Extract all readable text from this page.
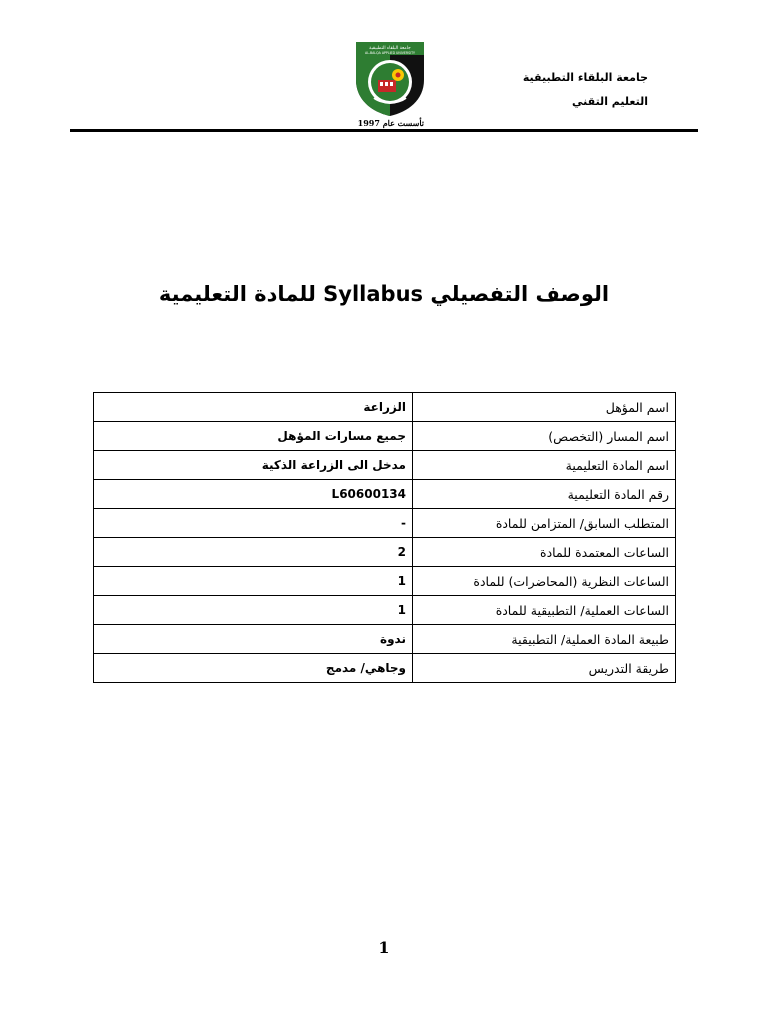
جامعة البلقاء التطبيقية
التعليم التقني
جامعة البلقاء التطبيقية
AL-BALQA APPLIED UNIVERSITY
تأسست عام 1997
الوصف التفصيلي Syllabus للمادة التعليمية
اسم المؤهل	الزراعة
اسم المسار (التخصص)	جميع مسارات المؤهل
اسم المادة التعليمية	مدخل الى الزراعة الذكية
رقم المادة التعليمية	L60600134
المتطلب السابق/ المتزامن للمادة	-
الساعات المعتمدة للمادة	2
الساعات النظرية (المحاضرات) للمادة	1
الساعات العملية/ التطبيقية للمادة	1
طبيعة المادة العملية/ التطبيقية	ندوة
طريقة التدريس	وجاهي/ مدمج
1
